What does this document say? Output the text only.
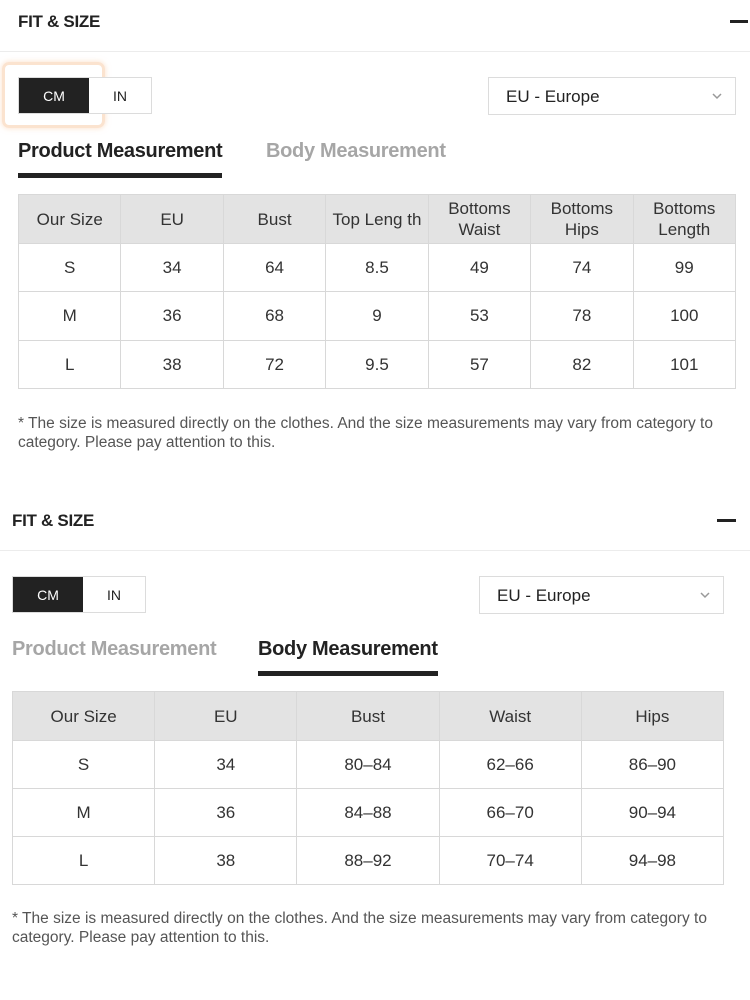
FIT & SIZE
CM	IN	EU - Europe
Product Measurement Body Measurement
Our Size	EU	Bust	Top Leng th	Bottoms Waist	Bottoms Hips	Bottoms Length
S	34	64	8.5	49	74	99
M	36	68	9	53	78	100
L	38	72	9.5	57	82	101
* The size is measured directly on the clothes. And the size measurements may vary from category to category. Please pay attention to this.
FIT & SIZE
CM	IN	EU - Europe
Product Measurement Body Measurement
Our Size	EU	Bust	Waist	Hips
S	34	80–84	62–66	86–90
M	36	84–88	66–70	90–94
L	38	88–92	70–74	94–98
* The size is measured directly on the clothes. And the size measurements may vary from category to category. Please pay attention to this.
